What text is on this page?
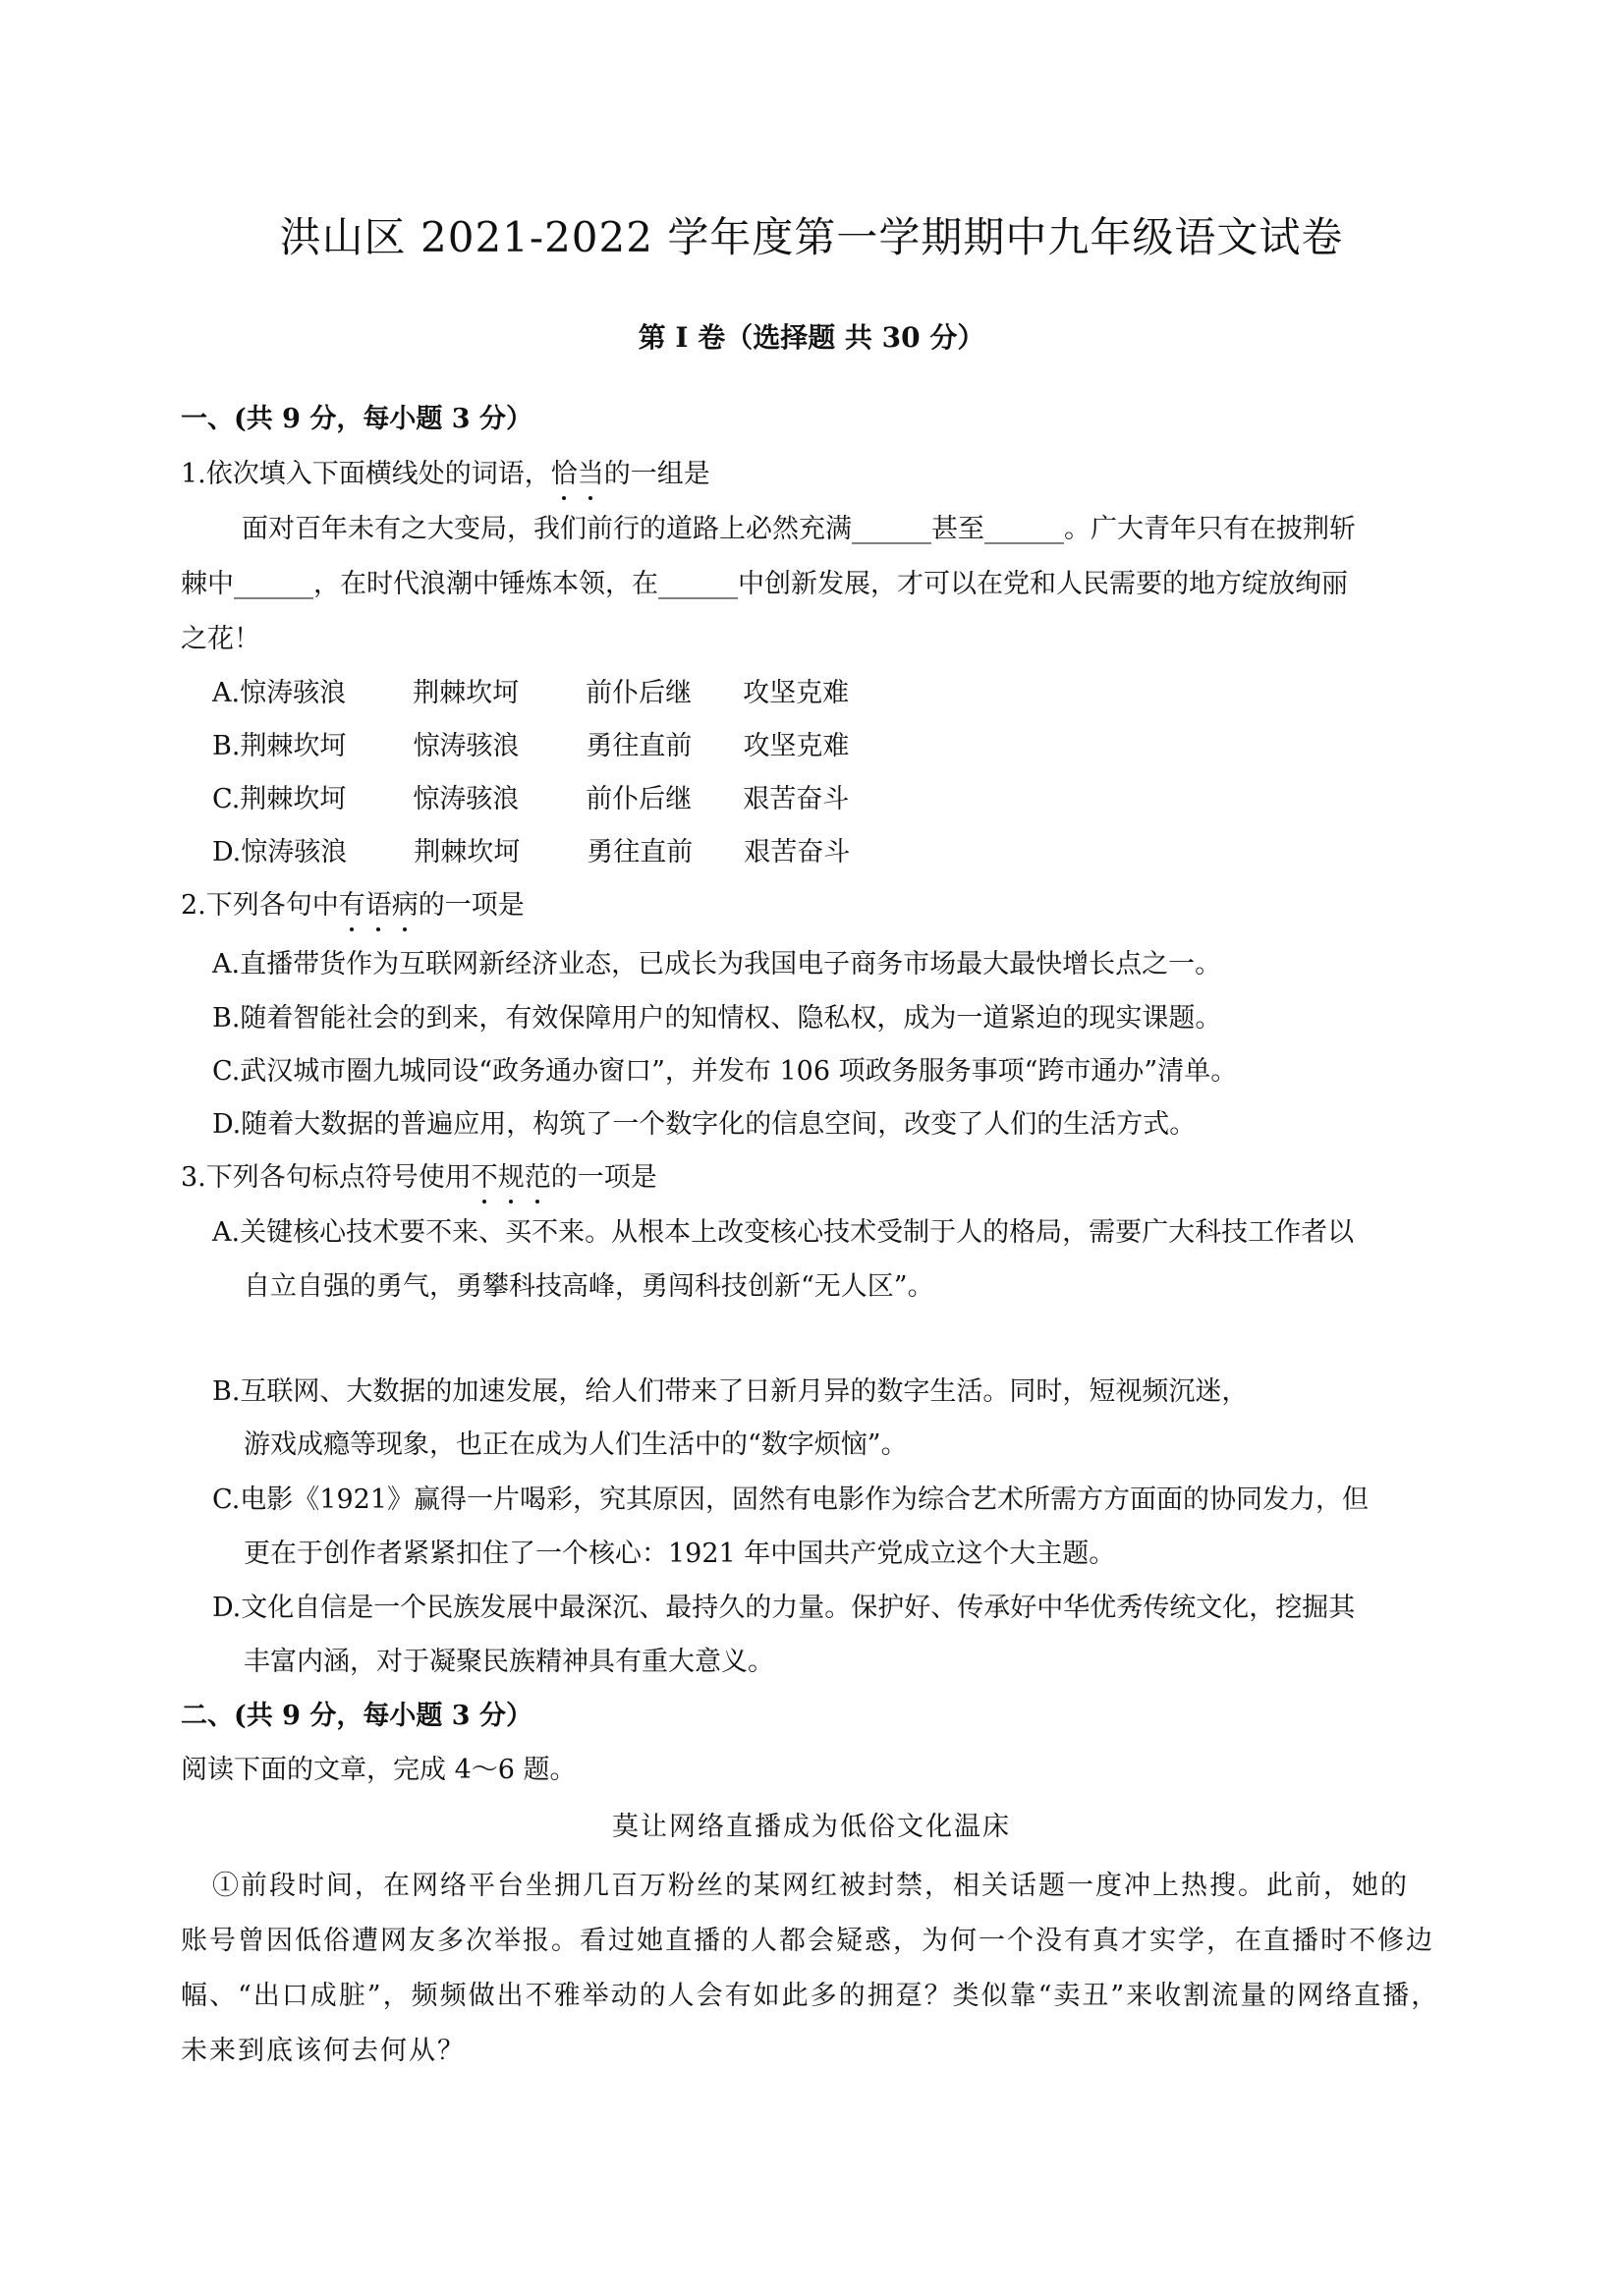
洪山区 2021-2022 学年度第一学期期中九年级语文试卷
第 I 卷（选择题 共 30 分）
一、(共 9 分，每小题 3 分）
1.依次填入下面横线处的词语，恰当的一组是
面对百年未有之大变局，我们前行的道路上必然充满______甚至______。广大青年只有在披荆斩
棘中______，在时代浪潮中锤炼本领，在______中创新发展，才可以在党和人民需要的地方绽放绚丽
之花！
A.惊涛骇浪	荆棘坎坷	前仆后继 攻坚克难
B.荆棘坎坷	惊涛骇浪	勇往直前 攻坚克难
C.荆棘坎坷	惊涛骇浪	前仆后继 艰苦奋斗
D.惊涛骇浪	荆棘坎坷	勇往直前 艰苦奋斗
2.下列各句中有语病的一项是
A.直播带货作为互联网新经济业态，已成长为我国电子商务市场最大最快增长点之一。
B.随着智能社会的到来，有效保障用户的知情权、隐私权，成为一道紧迫的现实课题。
C.武汉城市圈九城同设“政务通办窗口”，并发布 106 项政务服务事项“跨市通办”清单。
D.随着大数据的普遍应用，构筑了一个数字化的信息空间，改变了人们的生活方式。
3.下列各句标点符号使用不规范的一项是
A.关键核心技术要不来、买不来。从根本上改变核心技术受制于人的格局，需要广大科技工作者以
自立自强的勇气，勇攀科技高峰，勇闯科技创新“无人区”。
B.互联网、大数据的加速发展，给人们带来了日新月异的数字生活。同时，短视频沉迷，
游戏成瘾等现象，也正在成为人们生活中的“数字烦恼”。
C.电影《1921》赢得一片喝彩，究其原因，固然有电影作为综合艺术所需方方面面的协同发力，但
更在于创作者紧紧扣住了一个核心：1921 年中国共产党成立这个大主题。
D.文化自信是一个民族发展中最深沉、最持久的力量。保护好、传承好中华优秀传统文化，挖掘其
丰富内涵，对于凝聚民族精神具有重大意义。
二、(共 9 分，每小题 3 分）
阅读下面的文章，完成 4～6 题。
莫让网络直播成为低俗文化温床
①前段时间，在网络平台坐拥几百万粉丝的某网红被封禁，相关话题一度冲上热搜。此前，她的
账号曾因低俗遭网友多次举报。看过她直播的人都会疑惑，为何一个没有真才实学，在直播时不修边
幅、“出口成脏”，频频做出不雅举动的人会有如此多的拥趸？类似靠“卖丑”来收割流量的网络直播，
未来到底该何去何从？
